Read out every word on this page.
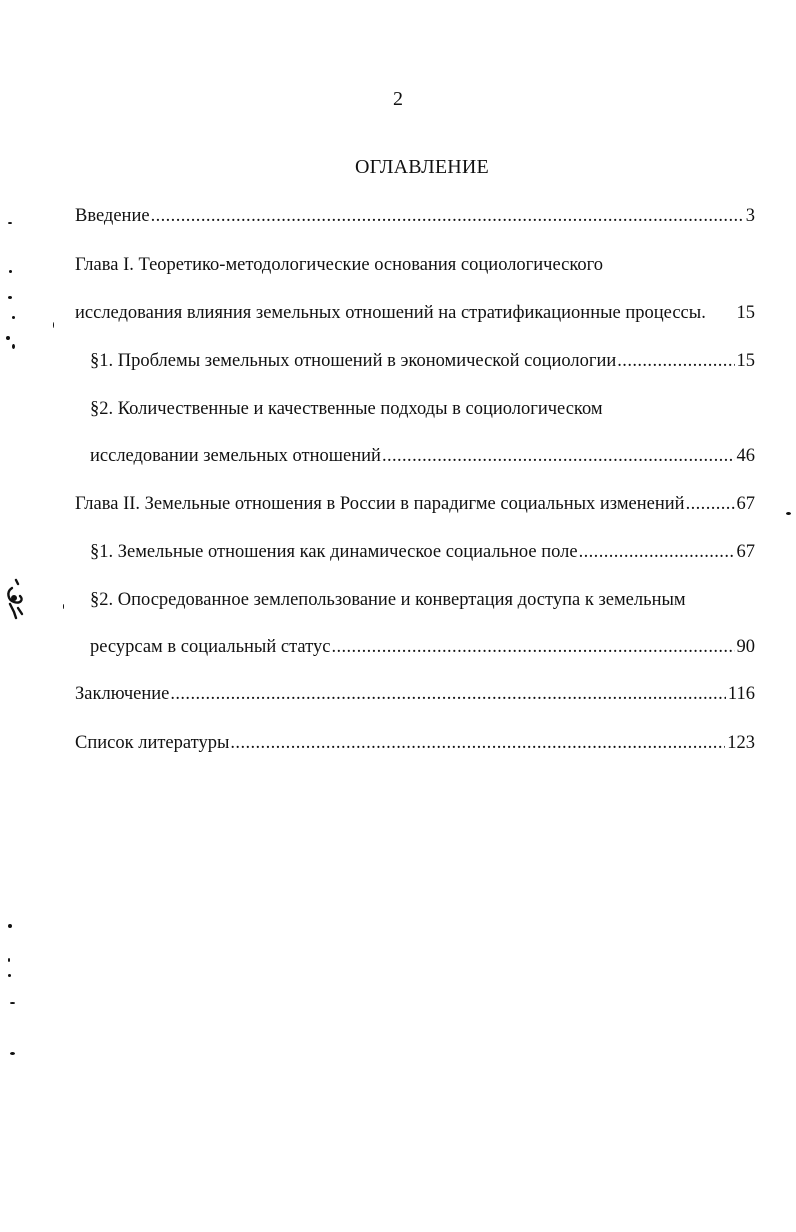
2
ОГЛАВЛЕНИЕ
Введение .....	3
Глава I. Теоретико-методологические основания социологического
исследования влияния земельных отношений на стратификационные процессы. 15
§1. Проблемы земельных отношений в экономической социологии .....	15
§2. Количественные и качественные подходы в социологическом
исследовании земельных отношений .....	46
Глава II. Земельные отношения в России в парадигме социальных изменений .....	67
§1. Земельные отношения как динамическое социальное поле .....	67
§2. Опосредованное землепользование и конвертация доступа к земельным
ресурсам в социальный статус .....	90
Заключение .....	116
Список литературы .....	123
